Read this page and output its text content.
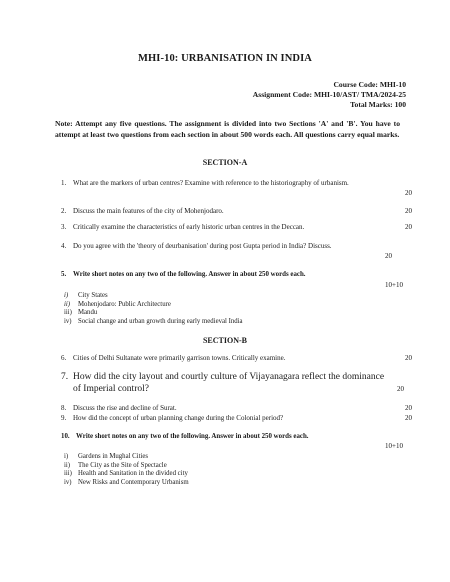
MHI-10: URBANISATION IN INDIA
Course Code: MHI-10
Assignment Code: MHI-10/AST/ TMA/2024-25
Total Marks: 100
Note: Attempt any five questions. The assignment is divided into two Sections 'A' and 'B'. You have to attempt at least two questions from each section in about 500 words each. All questions carry equal marks.
SECTION-A
1. What are the markers of urban centres? Examine with reference to the historiography of urbanism.
20
2. Discuss the main features of the city of Mohenjodaro.	20
3. Critically examine the characteristics of early historic urban centres in the Deccan.	20
4. Do you agree with the 'theory of deurbanisation' during post Gupta period in India? Discuss.
20
5. Write short notes on any two of the following. Answer in about 250 words each.
10+10
i) City States
ii) Mohenjodaro: Public Architecture
iii) Mandu
iv) Social change and urban growth during early medieval India
SECTION-B
6. Cities of Delhi Sultanate were primarily garrison towns. Critically examine.	20
7. How did the city layout and courtly culture of Vijayanagara reflect the dominance of Imperial control?	20
8. Discuss the rise and decline of Surat.	20
9. How did the concept of urban planning change during the Colonial period?	20
10. Write short notes on any two of the following. Answer in about 250 words each.
10+10
i) Gardens in Mughal Cities
ii) The City as the Site of Spectacle
iii) Health and Sanitation in the divided city
iv) New Risks and Contemporary Urbanism
